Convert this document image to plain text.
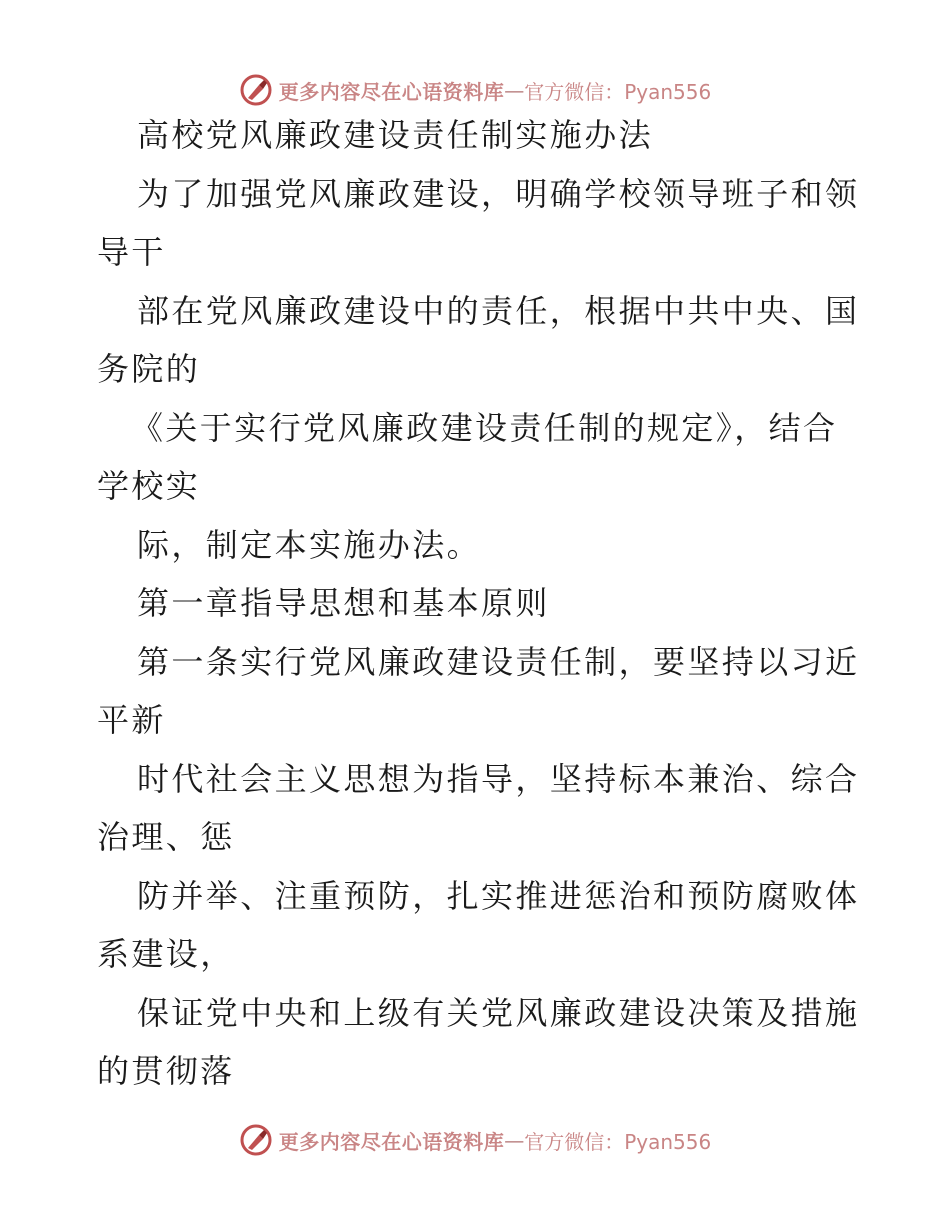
更多内容尽在心语资料库 — 官方微信：Pyan556
高校党风廉政建设责任制实施办法
为了加强党风廉政建设，明确学校领导班子和领
导干
部在党风廉政建设中的责任，根据中共中央、国
务院的
《关于实行党风廉政建设责任制的规定》，结合
学校实
际，制定本实施办法。
第一章指导思想和基本原则
第一条实行党风廉政建设责任制，要坚持以习近
平新
时代社会主义思想为指导，坚持标本兼治、综合
治理、惩
防并举、注重预防，扎实推进惩治和预防腐败体
系建设，
保证党中央和上级有关党风廉政建设决策及措施
的贯彻落
更多内容尽在心语资料库 — 官方微信：Pyan556
